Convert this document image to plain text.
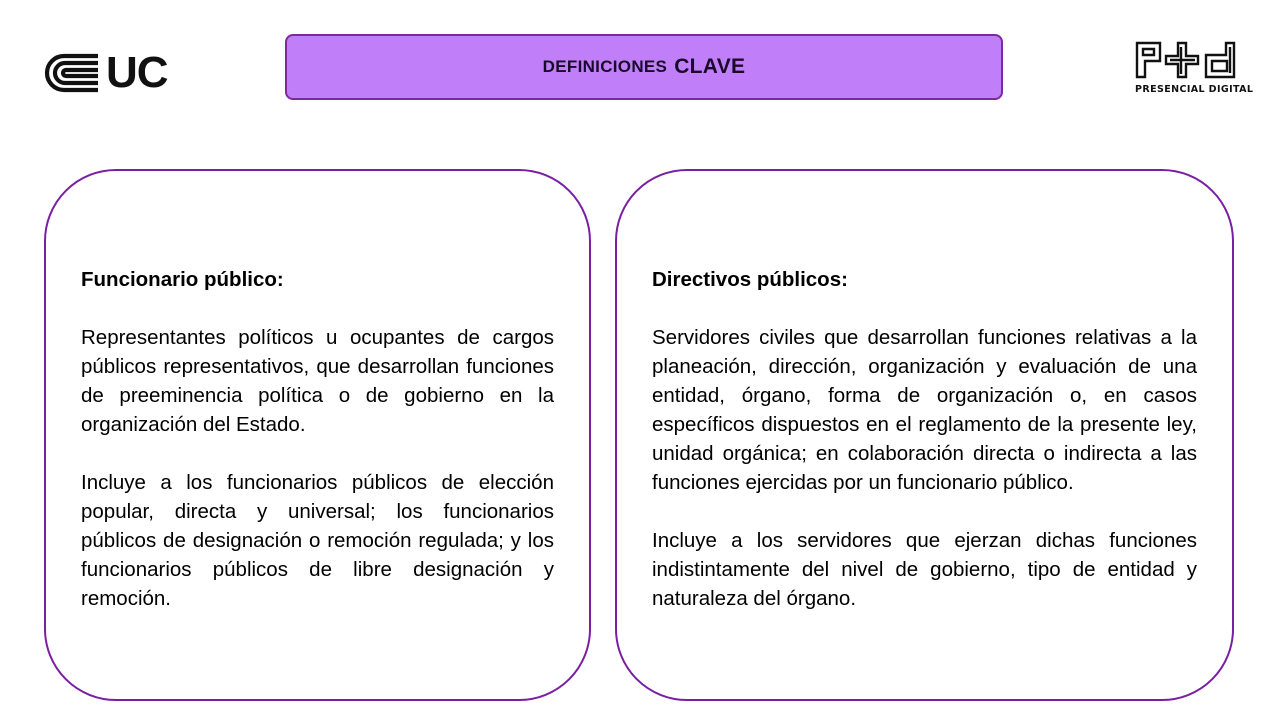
UC	DEFINICIONES CLAVE
PRESENCIAL DIGITAL
Funcionario público:

Representantes políticos u ocupantes de cargos públicos representativos, que desarrollan funciones de preeminencia política o de gobierno en la organización del Estado.

Incluye a los funcionarios públicos de elección popular, directa y universal; los funcionarios públicos de designación o remoción regulada; y los funcionarios públicos de libre designación y remoción.

Directivos públicos:

Servidores civiles que desarrollan funciones relativas a la planeación, dirección, organización y evaluación de una entidad, órgano, forma de organización o, en casos específicos dispuestos en el reglamento de la presente ley, unidad orgánica; en colaboración directa o indirecta a las funciones ejercidas por un funcionario público.

Incluye a los servidores que ejerzan dichas funciones indistintamente del nivel de gobierno, tipo de entidad y naturaleza del órgano.
